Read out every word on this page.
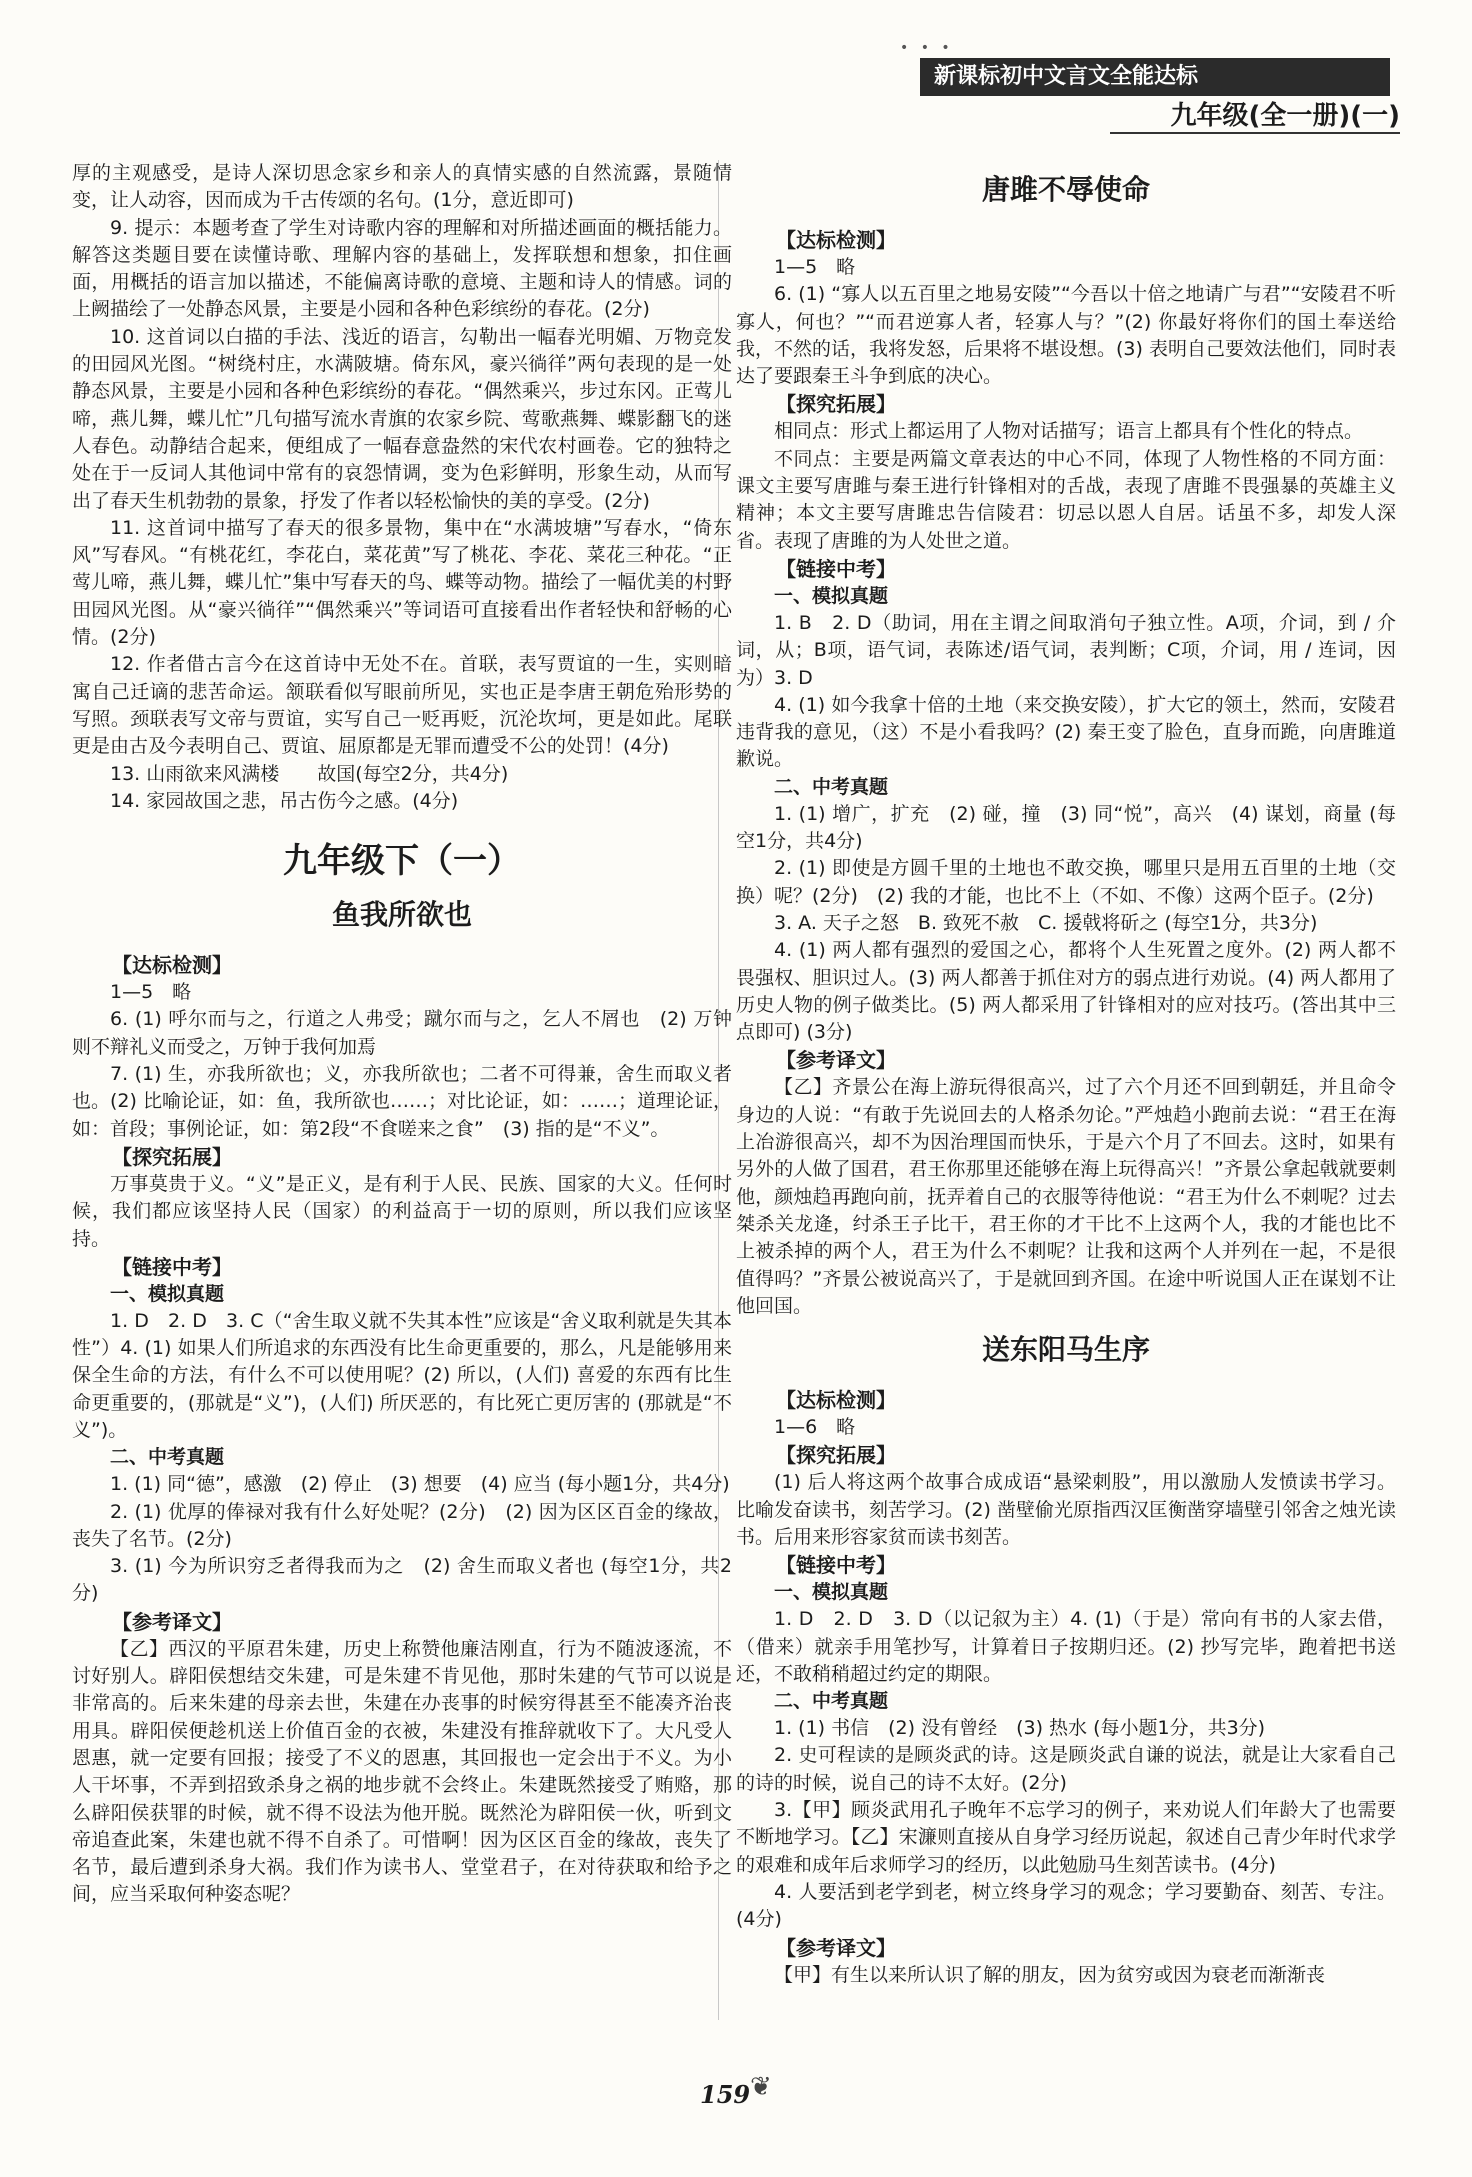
• • •
新课标初中文言文全能达标
九年级(全一册)(一)

厚的主观感受，是诗人深切思念家乡和亲人的真情实感的自然流露，景随情变，让人动容，因而成为千古传颂的名句。(1分，意近即可)

9. 提示：本题考查了学生对诗歌内容的理解和对所描述画面的概括能力。解答这类题目要在读懂诗歌、理解内容的基础上，发挥联想和想象，扣住画面，用概括的语言加以描述，不能偏离诗歌的意境、主题和诗人的情感。词的上阙描绘了一处静态风景，主要是小园和各种色彩缤纷的春花。(2分)

10. 这首词以白描的手法、浅近的语言，勾勒出一幅春光明媚、万物竞发的田园风光图。“树绕村庄，水满陂塘。倚东风，豪兴徜徉”两句表现的是一处静态风景，主要是小园和各种色彩缤纷的春花。“偶然乘兴，步过东冈。正莺儿啼，燕儿舞，蝶儿忙”几句描写流水青旗的农家乡院、莺歌燕舞、蝶影翻飞的迷人春色。动静结合起来，便组成了一幅春意盎然的宋代农村画卷。它的独特之处在于一反词人其他词中常有的哀怨情调，变为色彩鲜明，形象生动，从而写出了春天生机勃勃的景象，抒发了作者以轻松愉快的美的享受。(2分)

11. 这首词中描写了春天的很多景物，集中在“水满坡塘”写春水，“倚东风”写春风。“有桃花红，李花白，菜花黄”写了桃花、李花、菜花三种花。“正莺儿啼，燕儿舞，蝶儿忙”集中写春天的鸟、蝶等动物。描绘了一幅优美的村野田园风光图。从“豪兴徜徉”“偶然乘兴”等词语可直接看出作者轻快和舒畅的心情。(2分)

12. 作者借古言今在这首诗中无处不在。首联，表写贾谊的一生，实则暗寓自己迁谪的悲苦命运。颔联看似写眼前所见，实也正是李唐王朝危殆形势的写照。颈联表写文帝与贾谊，实写自己一贬再贬，沉沦坎坷，更是如此。尾联更是由古及今表明自己、贾谊、屈原都是无罪而遭受不公的处罚！(4分)

13. 山雨欲来风满楼　　故国(每空2分，共4分)

14. 家园故国之悲，吊古伤今之感。(4分)

九年级下（一）
鱼我所欲也

【达标检测】

1—5　略

6. (1) 呼尔而与之，行道之人弗受；蹴尔而与之，乞人不屑也　(2) 万钟则不辩礼义而受之，万钟于我何加焉

7. (1) 生，亦我所欲也；义，亦我所欲也；二者不可得兼，舍生而取义者也。(2) 比喻论证，如：鱼，我所欲也……；对比论证，如：……；道理论证，如：首段；事例论证，如：第2段“不食嗟来之食”　(3) 指的是“不义”。

【探究拓展】

万事莫贵于义。“义”是正义，是有利于人民、民族、国家的大义。任何时候，我们都应该坚持人民（国家）的利益高于一切的原则，所以我们应该坚持。

【链接中考】

一、模拟真题

1. D　2. D　3. C（“舍生取义就不失其本性”应该是“舍义取利就是失其本性”）4. (1) 如果人们所追求的东西没有比生命更重要的，那么，凡是能够用来保全生命的方法，有什么不可以使用呢？(2) 所以，(人们) 喜爱的东西有比生命更重要的，(那就是“义”)，(人们) 所厌恶的，有比死亡更厉害的 (那就是“不义”)。

二、中考真题

1. (1) 同“德”，感激　(2) 停止　(3) 想要　(4) 应当 (每小题1分，共4分)

2. (1) 优厚的俸禄对我有什么好处呢？(2分)　(2) 因为区区百金的缘故，丧失了名节。(2分)

3. (1) 今为所识穷乏者得我而为之　(2) 舍生而取义者也 (每空1分，共2分)

【参考译文】

【乙】西汉的平原君朱建，历史上称赞他廉洁刚直，行为不随波逐流，不讨好别人。辟阳侯想结交朱建，可是朱建不肯见他，那时朱建的气节可以说是非常高的。后来朱建的母亲去世，朱建在办丧事的时候穷得甚至不能凑齐治丧用具。辟阳侯便趁机送上价值百金的衣被，朱建没有推辞就收下了。大凡受人恩惠，就一定要有回报；接受了不义的恩惠，其回报也一定会出于不义。为小人干坏事，不弄到招致杀身之祸的地步就不会终止。朱建既然接受了贿赂，那么辟阳侯获罪的时候，就不得不设法为他开脱。既然沦为辟阳侯一伙，听到文帝追查此案，朱建也就不得不自杀了。可惜啊！因为区区百金的缘故，丧失了名节，最后遭到杀身大祸。我们作为读书人、堂堂君子，在对待获取和给予之间，应当采取何种姿态呢？

唐雎不辱使命

【达标检测】

1—5　略

6. (1) “寡人以五百里之地易安陵”“今吾以十倍之地请广与君”“安陵君不听寡人，何也？”“而君逆寡人者，轻寡人与？”(2) 你最好将你们的国土奉送给我，不然的话，我将发怒，后果将不堪设想。(3) 表明自己要效法他们，同时表达了要跟秦王斗争到底的决心。

【探究拓展】

相同点：形式上都运用了人物对话描写；语言上都具有个性化的特点。

不同点：主要是两篇文章表达的中心不同，体现了人物性格的不同方面：课文主要写唐雎与秦王进行针锋相对的舌战，表现了唐雎不畏强暴的英雄主义精神；本文主要写唐雎忠告信陵君：切忌以恩人自居。话虽不多，却发人深省。表现了唐雎的为人处世之道。

【链接中考】

一、模拟真题

1. B　2. D（助词，用在主谓之间取消句子独立性。A项，介词，到 / 介词，从；B项，语气词，表陈述/语气词，表判断；C项，介词，用 / 连词，因为）3. D

4. (1) 如今我拿十倍的土地（来交换安陵），扩大它的领土，然而，安陵君违背我的意见，（这）不是小看我吗？(2) 秦王变了脸色，直身而跪，向唐雎道歉说。

二、中考真题

1. (1) 增广，扩充　(2) 碰，撞　(3) 同“悦”，高兴　(4) 谋划，商量 (每空1分，共4分)

2. (1) 即使是方圆千里的土地也不敢交换，哪里只是用五百里的土地（交换）呢？(2分)　(2) 我的才能，也比不上（不如、不像）这两个臣子。(2分)

3. A. 天子之怒　B. 致死不赦　C. 援戟将斫之 (每空1分，共3分)

4. (1) 两人都有强烈的爱国之心，都将个人生死置之度外。(2) 两人都不畏强权、胆识过人。(3) 两人都善于抓住对方的弱点进行劝说。(4) 两人都用了历史人物的例子做类比。(5) 两人都采用了针锋相对的应对技巧。(答出其中三点即可) (3分)

【参考译文】

【乙】齐景公在海上游玩得很高兴，过了六个月还不回到朝廷，并且命令身边的人说：“有敢于先说回去的人格杀勿论。”严烛趋小跑前去说：“君王在海上冶游很高兴，却不为因治理国而快乐，于是六个月了不回去。这时，如果有另外的人做了国君，君王你那里还能够在海上玩得高兴！”齐景公拿起戟就要刺他，颜烛趋再跑向前，抚弄着自己的衣服等待他说：“君王为什么不刺呢？过去桀杀关龙逄，纣杀王子比干，君王你的才干比不上这两个人，我的才能也比不上被杀掉的两个人，君王为什么不刺呢？让我和这两个人并列在一起，不是很值得吗？”齐景公被说高兴了，于是就回到齐国。在途中听说国人正在谋划不让他回国。

送东阳马生序

【达标检测】

1—6　略

【探究拓展】

(1) 后人将这两个故事合成成语“悬梁刺股”，用以激励人发愤读书学习。比喻发奋读书，刻苦学习。(2) 凿壁偷光原指西汉匡衡凿穿墙壁引邻舍之烛光读书。后用来形容家贫而读书刻苦。

【链接中考】

一、模拟真题

1. D　2. D　3. D（以记叙为主）4. (1)（于是）常向有书的人家去借，（借来）就亲手用笔抄写，计算着日子按期归还。(2) 抄写完毕，跑着把书送还，不敢稍稍超过约定的期限。

二、中考真题

1. (1) 书信　(2) 没有曾经　(3) 热水 (每小题1分，共3分)

2. 史可程读的是顾炎武的诗。这是顾炎武自谦的说法，就是让大家看自己的诗的时候，说自己的诗不太好。(2分)

3.【甲】顾炎武用孔子晚年不忘学习的例子，来劝说人们年龄大了也需要不断地学习。【乙】宋濂则直接从自身学习经历说起，叙述自己青少年时代求学的艰难和成年后求师学习的经历，以此勉励马生刻苦读书。(4分)

4. 人要活到老学到老，树立终身学习的观念；学习要勤奋、刻苦、专注。(4分)

【参考译文】

【甲】有生以来所认识了解的朋友，因为贫穷或因为衰老而渐渐丧

159 ❦
